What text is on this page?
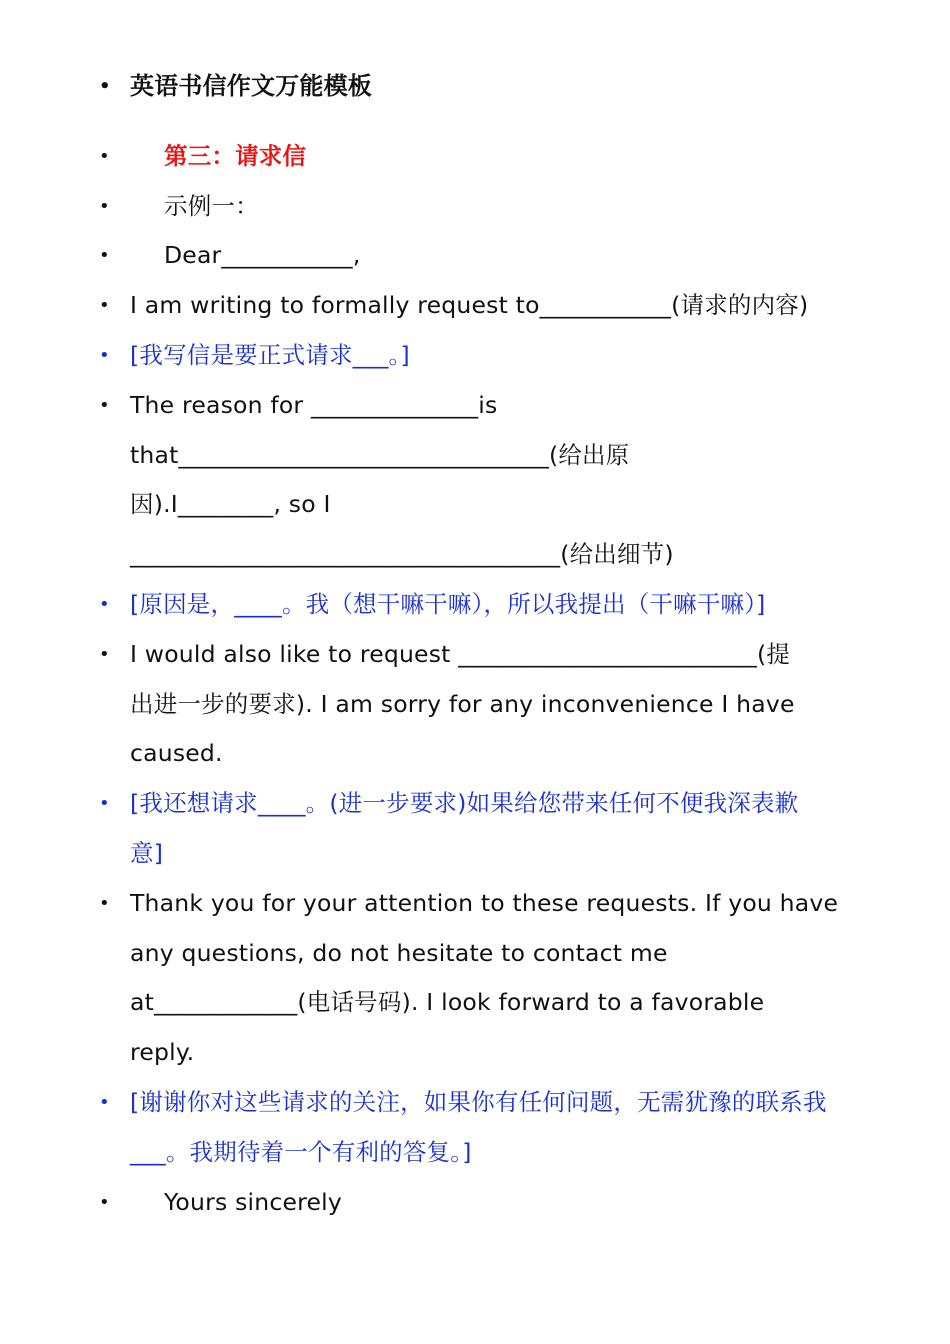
• 英语书信作文万能模板
• 第三：请求信
• 示例一：
• Dear___________,
• I am writing to formally request to___________(请求的内容)
• [我写信是要正式请求___。]
• The reason for ______________is
that_______________________________(给出原
因).I________, so I
____________________________________(给出细节)
• [原因是，____。我（想干嘛干嘛），所以我提出（干嘛干嘛）]
• I would also like to request _________________________(提
出进一步的要求). I am sorry for any inconvenience I have
caused.
• [我还想请求____。(进一步要求)如果给您带来任何不便我深表歉
意]
• Thank you for your attention to these requests. If you have
any questions, do not hesitate to contact me
at____________(电话号码). I look forward to a favorable
reply.
• [谢谢你对这些请求的关注，如果你有任何问题，无需犹豫的联系我
___。我期待着一个有利的答复。]
• Yours sincerely
